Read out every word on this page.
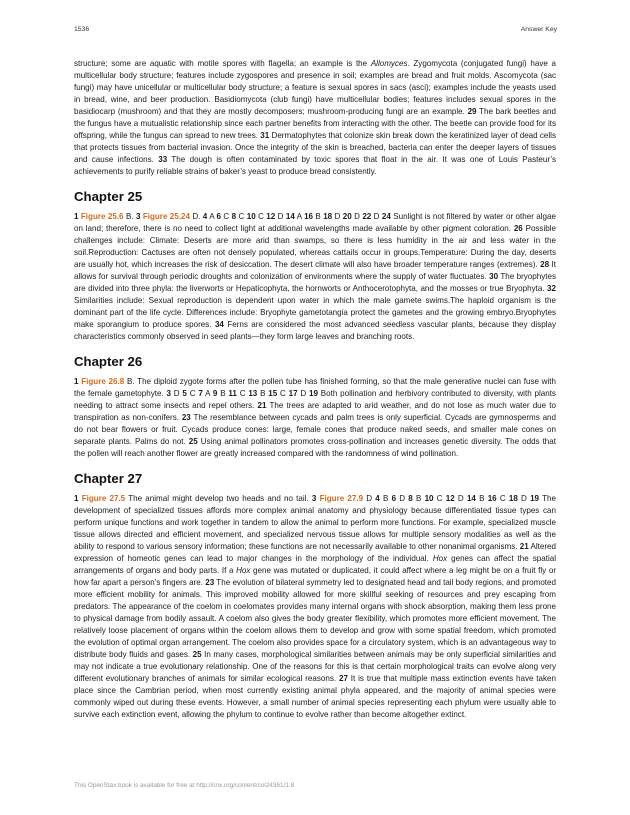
1536	Answer Key

structure; some are aquatic with motile spores with flagella; an example is the Allomyces. Zygomycota (conjugated fungi) have a multicellular body structure; features include zygospores and presence in soil; examples are bread and fruit molds. Ascomycota (sac fungi) may have unicellular or multicellular body structure; a feature is sexual spores in sacs (asci); examples include the yeasts used in bread, wine, and beer production. Basidiomycota (club fungi) have multicellular bodies; features includes sexual spores in the basidiocarp (mushroom) and that they are mostly decomposers; mushroom-producing fungi are an example. 29 The bark beetles and the fungus have a mutualistic relationship since each partner benefits from interacting with the other. The beetle can provide food for its offspring, while the fungus can spread to new trees. 31 Dermatophytes that colonize skin break down the keratinized layer of dead cells that protects tissues from bacterial invasion. Once the integrity of the skin is breached, bacteria can enter the deeper layers of tissues and cause infections. 33 The dough is often contaminated by toxic spores that float in the air. It was one of Louis Pasteur’s achievements to purify reliable strains of baker’s yeast to produce bread consistently.

Chapter 25

1 Figure 25.6 B. 3 Figure 25.24 D. 4 A 6 C 8 C 10 C 12 D 14 A 16 B 18 D 20 D 22 D 24 Sunlight is not filtered by water or other algae on land; therefore, there is no need to collect light at additional wavelengths made available by other pigment coloration. 26 Possible challenges include: Climate: Deserts are more arid than swamps, so there is less humidity in the air and less water in the soil.Reproduction: Cactuses are often not densely populated, whereas cattails occur in groups.Temperature: During the day, deserts are usually hot, which increases the risk of desiccation. The desert climate will also have broader temperature ranges (extremes). 28 It allows for survival through periodic droughts and colonization of environments where the supply of water fluctuates. 30 The bryophytes are divided into three phyla: the liverworts or Hepaticophyta, the hornworts or Anthocerotophyta, and the mosses or true Bryophyta. 32 Similarities include: Sexual reproduction is dependent upon water in which the male gamete swims.The haploid organism is the dominant part of the life cycle. Differences include: Bryophyte gametotangia protect the gametes and the growing embryo.Bryophytes make sporangium to produce spores. 34 Ferns are considered the most advanced seedless vascular plants, because they display characteristics commonly observed in seed plants—they form large leaves and branching roots.

Chapter 26

1 Figure 26.8 B. The diploid zygote forms after the pollen tube has finished forming, so that the male generative nuclei can fuse with the female gametophyte. 3 D 5 C 7 A 9 B 11 C 13 B 15 C 17 D 19 Both pollination and herbivory contributed to diversity, with plants needing to attract some insects and repel others. 21 The trees are adapted to arid weather, and do not lose as much water due to transpiration as non-conifers. 23 The resemblance between cycads and palm trees is only superficial. Cycads are gymnosperms and do not bear flowers or fruit. Cycads produce cones: large, female cones that produce naked seeds, and smaller male cones on separate plants. Palms do not. 25 Using animal pollinators promotes cross-pollination and increases genetic diversity. The odds that the pollen will reach another flower are greatly increased compared with the randomness of wind pollination.

Chapter 27

1 Figure 27.5 The animal might develop two heads and no tail. 3 Figure 27.9 D 4 B 6 D 8 B 10 C 12 D 14 B 16 C 18 D 19 The development of specialized tissues affords more complex animal anatomy and physiology because differentiated tissue types can perform unique functions and work together in tandem to allow the animal to perform more functions. For example, specialized muscle tissue allows directed and efficient movement, and specialized nervous tissue allows for multiple sensory modalities as well as the ability to respond to various sensory information; these functions are not necessarily available to other nonanimal organisms. 21 Altered expression of homeotic genes can lead to major changes in the morphology of the individual. Hox genes can affect the spatial arrangements of organs and body parts. If a Hox gene was mutated or duplicated, it could affect where a leg might be on a fruit fly or how far apart a person’s fingers are. 23 The evolution of bilateral symmetry led to designated head and tail body regions, and promoted more efficient mobility for animals. This improved mobility allowed for more skillful seeking of resources and prey escaping from predators. The appearance of the coelom in coelomates provides many internal organs with shock absorption, making them less prone to physical damage from bodily assault. A coelom also gives the body greater flexibility, which promotes more efficient movement. The relatively loose placement of organs within the coelom allows them to develop and grow with some spatial freedom, which promoted the evolution of optimal organ arrangement. The coelom also provides space for a circulatory system, which is an advantageous way to distribute body fluids and gases. 25 In many cases, morphological similarities between animals may be only superficial similarities and may not indicate a true evolutionary relationship. One of the reasons for this is that certain morphological traits can evolve along very different evolutionary branches of animals for similar ecological reasons. 27 It is true that multiple mass extinction events have taken place since the Cambrian period, when most currently existing animal phyla appeared, and the majority of animal species were commonly wiped out during these events. However, a small number of animal species representing each phylum were usually able to survive each extinction event, allowing the phylum to continue to evolve rather than become altogether extinct.

This OpenStax book is available for free at http://cnx.org/content/col24361/1.8
